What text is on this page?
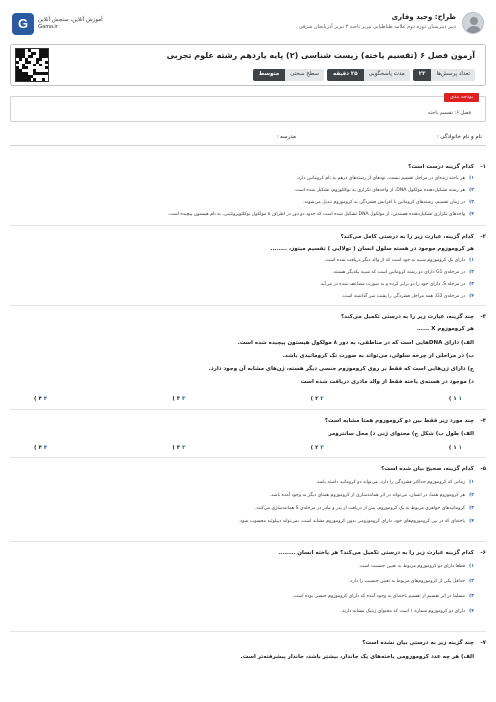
طراح: وحید وفاری
دبیر دبیرستان دوره دوم علامه طباطبایی تبریز ناحیه ۳ تبریز آذربایجان شرقی
G	آموزش آنلاین، سنجش آنلاین
Gama.ir
آزمون فصل ۶ (تقسیم یاخته) زیست شناسی (۲) پایه یازدهم رشته علوم تجربی
تعداد پرسش‌ها
۲۳
مدت پاسخگویی
۲۵ دقیقه
سطح سختی
متوسط
بودجه بندی
فصل ۶: تقسیم یاخته
نام و نام خانوادگی :
مدرسه :
۱-
کدام گزینه درست است؟
۱)هر یاخته زنده‌ای در مراحل تقسیم نیست، تودهای از رشته‌های درهم به نام کروماتین دارد.
۲)هر رشته تشکیل‌دهنده مولکول DNA، از واحدهای تکراری به نوکلئوزوم، تشکیل شده است.
۳)در زمان تقسیم، رشته‌های کروماتین با افزایش فشردگی به کروموزوم تبدیل می‌شوند.
۴)واحدهای تکراری تشکیل‌دهنده هسته‌تن، از مولکول DNA تشکیل شده است که حدود دو دور در اطراف ۸ مولکول نوکلئوپروتئینی، به نام هیستون پیچیده است.
۲-
کدام گزینه، عبارت زیر را به درستی کامل می‌کند؟
هر کروموزوم موجود در هسته سلول انسان ( تولاایی ) تقسیم میتوز، ........
۱)دارای یک کروموزوم شبیه به خود است که از والد دیگر دریافت شده است.
۲)در مرحله‌ی G1 دارای دو رشته کروماتین است که شبیه یکدیگر هستند.
۳)در مرحله S، دارای خود را دو برابر کرده و به صورت مضاعف شده در می‌آید.
۴)در مرحله‌ی G2، همه مراحل فشردگی را پشت سر گذاشته است.
۳-
چند گزینه، عبارت زیر را به درستی تکمیل می‌کند؟
هر کروموزوم X ......
الف) دارای DNA‌هایی است که در مناطقی، به دور ۸ مولکول هیستون پیچیده شده است.
ب) در مراحلی از چرخه سلولی، می‌تواند به صورت تک کروماتیدی باشد.
ج) دارای ژن‌هایی است که فقط بر روی کروموزوم جنسی دیگر هسته، ژن‌های مشابه آن وجود دارد.
د) موجود در هسته‌ی یاخته فقط از والد مادری دریافت شده است
۱ ۱ )
۲ ۲ )
۳ ۳ )
۴ ۴ )
۴-
چند مورد زیر فقط بین دو کروموزوم همتا مشابه است؟
الف) طول ب) شکل ج) محتوای ژنی د) محل سانترومر
۱ ۱ )
۲ ۲ )
۳ ۳ )
۴ ۴ )
۵-
کدام گزینه، صحیح بیان شده است؟
۱)زمانی که کروموزوم حداکثر فشردگی را دارد، می‌تواند دو کروماتید داشته باشد.
۲)هر کروموزوم همتا، در انسان، می‌تواند در اثر همانندسازی از کروموزوم همتای دیگر به وجود آمده باشد.
۳)کروماتیدهای خواهری مربوط به یک کروموزوم، پس از دریافت از پدر و مادر در مرحله‌ی S همانندسازی می‌کنند.
۴)یاخته‌ای که در بین کروموزوم‌های خود، دارای کروموزومی بدون کروموزوم مشابه است، نمی‌تواند دیپلوئید محسوب شود.
۶-
کدام گزینه عبارت زیر را به درستی تکمیل می‌کند؟ هر یاخته انسان ........
۱)قطعا دارای دو کروموزوم مربوط به تعیین جنسیت است.
۲)حداقل یکی از کروموزوم‌های مربوط به تعیین جنسیت را دارد.
۳)مسلما در اثر تقسیم از تقسیم یاخته‌ای به وجود آمده که دارای کروموزوم جنسی بوده است.
۴)دارای دو کروموزوم شماره ۱ است که محتوای ژنتیک مشابه دارند.
۷-
چند گزینه زیر به درستی بیان نشده است؟
الف) هر چه عدد کروموزومی یاخته‌های یک جاندار، بیشتر باشد، جاندار پیشرفته‌تر است.
